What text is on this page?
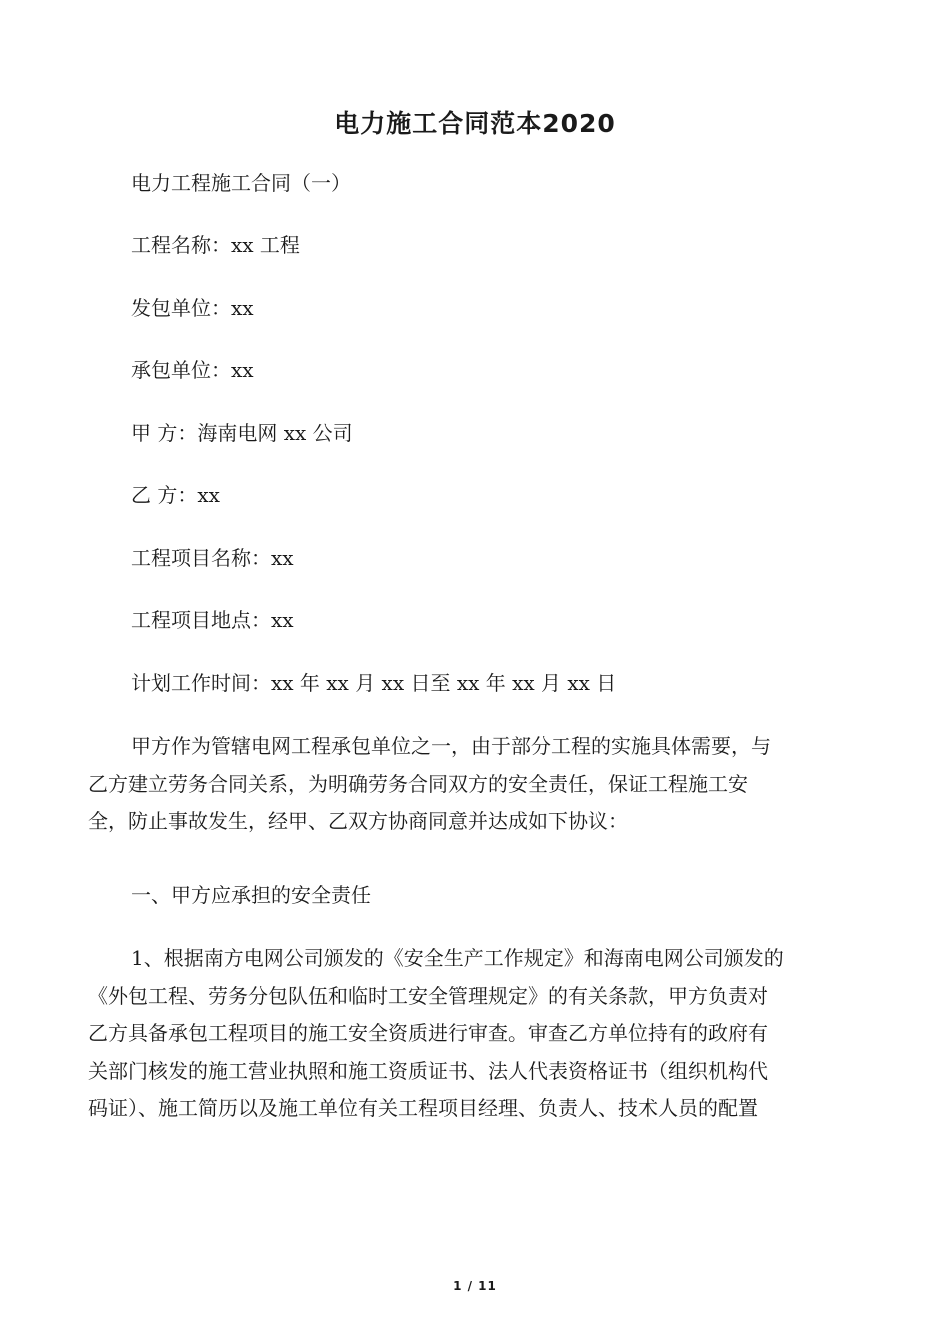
电力施工合同范本2020
电力工程施工合同（一）
工程名称：xx 工程
发包单位：xx
承包单位：xx
甲 方：海南电网 xx 公司
乙 方：xx
工程项目名称：xx
工程项目地点：xx
计划工作时间：xx 年 xx 月 xx 日至 xx 年 xx 月 xx 日
甲方作为管辖电网工程承包单位之一，由于部分工程的实施具体需要，与
乙方建立劳务合同关系，为明确劳务合同双方的安全责任，保证工程施工安
全，防止事故发生，经甲、乙双方协商同意并达成如下协议：
一、甲方应承担的安全责任
1、根据南方电网公司颁发的《安全生产工作规定》和海南电网公司颁发的
《外包工程、劳务分包队伍和临时工安全管理规定》的有关条款，甲方负责对
乙方具备承包工程项目的施工安全资质进行审查。审查乙方单位持有的政府有
关部门核发的施工营业执照和施工资质证书、法人代表资格证书（组织机构代
码证）、施工简历以及施工单位有关工程项目经理、负责人、技术人员的配置
1 / 11
